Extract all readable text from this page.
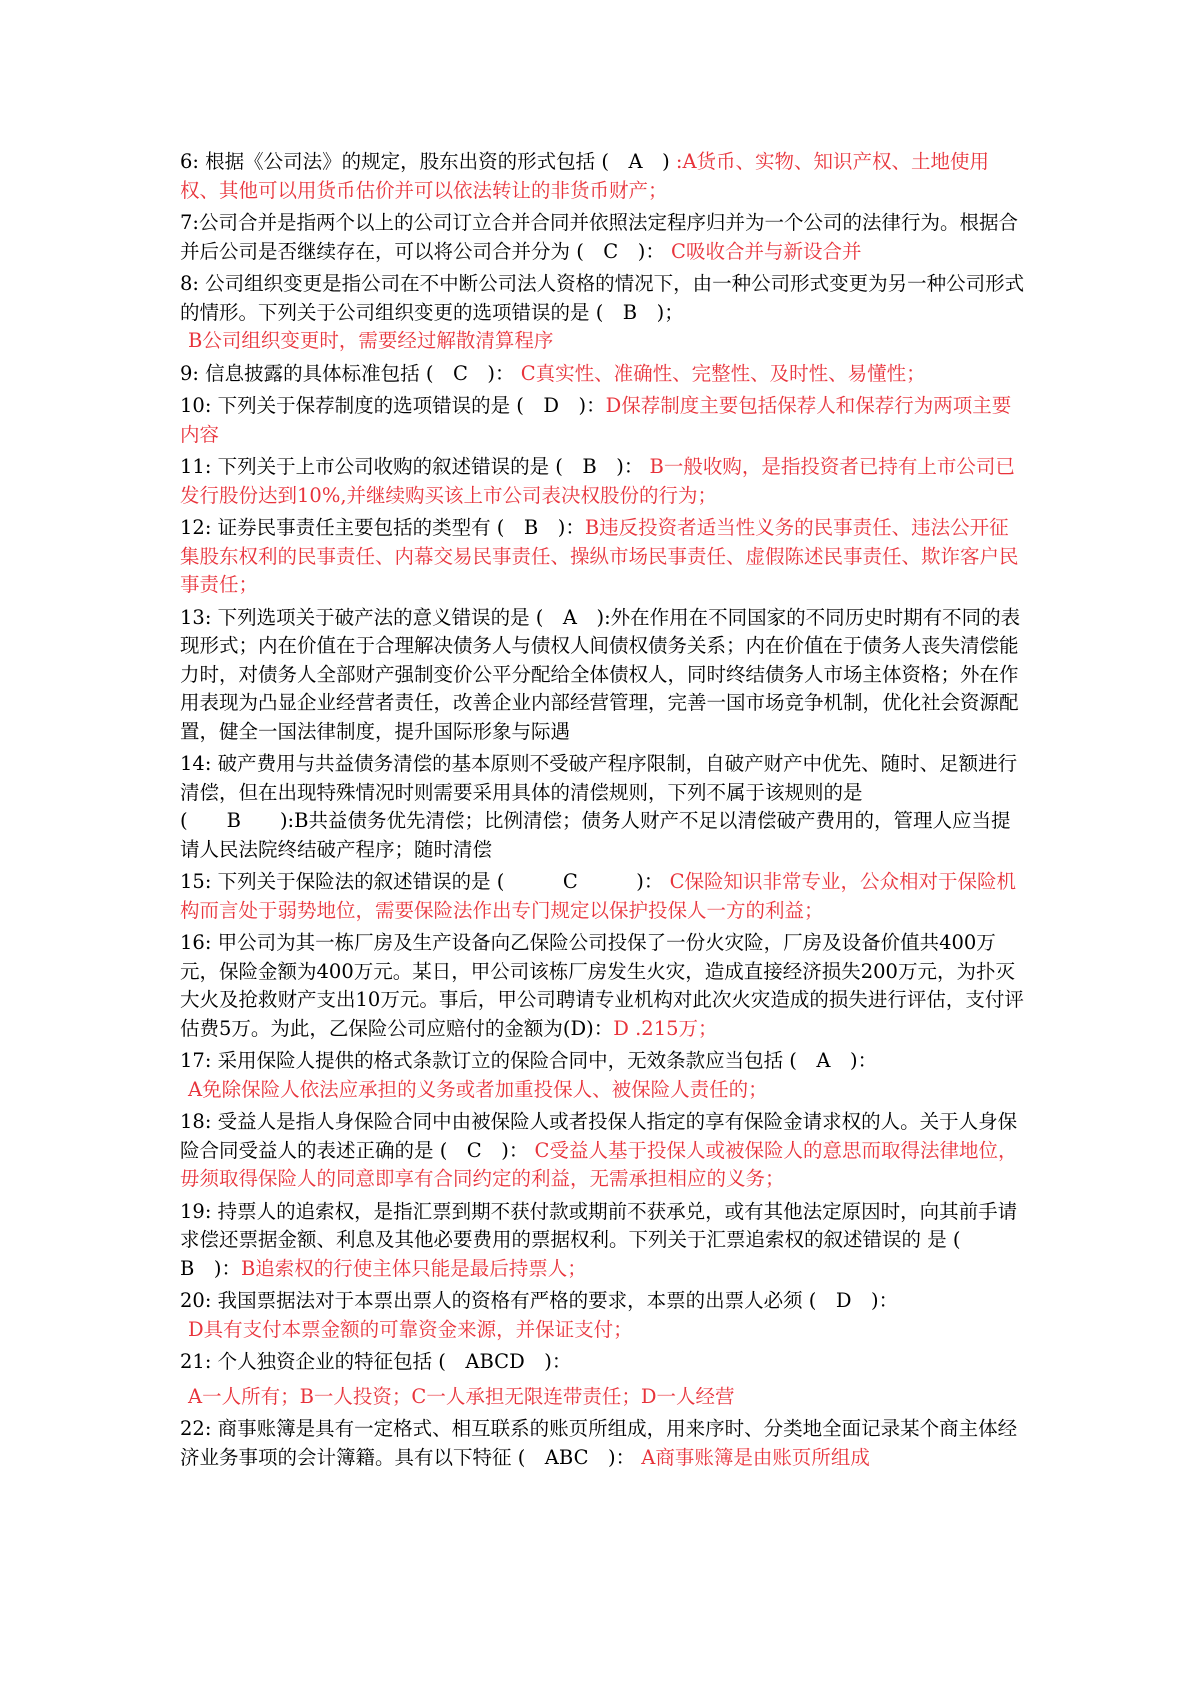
6: 根据《公司法》的规定，股东出资的形式包括 (　A　) :A货币、实物、知识产权、土地使用权、其他可以用货币估价并可以依法转让的非货币财产；
7:公司合并是指两个以上的公司订立合并合同并依照法定程序归并为一个公司的法律行为。根据合并后公司是否继续存在，可以将公司合并分为 (　C　)： C吸收合并与新设合并
8: 公司组织变更是指公司在不中断公司法人资格的情况下，由一种公司形式变更为另一种公司形式的情形。下列关于公司组织变更的选项错误的是 (　B　)；
B公司组织变更时，需要经过解散清算程序
9: 信息披露的具体标准包括 (　C　)： C真实性、准确性、完整性、及时性、易懂性；
10: 下列关于保荐制度的选项错误的是 (　D　)：D保荐制度主要包括保荐人和保荐行为两项主要内容
11: 下列关于上市公司收购的叙述错误的是 (　B　)： B一般收购，是指投资者已持有上市公司已发行股份达到10%,并继续购买该上市公司表决权股份的行为；
12: 证券民事责任主要包括的类型有 (　B　)：B违反投资者适当性义务的民事责任、违法公开征集股东权利的民事责任、内幕交易民事责任、操纵市场民事责任、虚假陈述民事责任、欺诈客户民事责任；
13: 下列选项关于破产法的意义错误的是 (　A　):外在作用在不同国家的不同历史时期有不同的表现形式；内在价值在于合理解决债务人与债权人间债权债务关系；内在价值在于债务人丧失清偿能力时，对债务人全部财产强制变价公平分配给全体债权人，同时终结债务人市场主体资格；外在作用表现为凸显企业经营者责任，改善企业内部经营管理，完善一国市场竞争机制，优化社会资源配置，健全一国法律制度，提升国际形象与际遇
14: 破产费用与共益债务清偿的基本原则不受破产程序限制，自破产财产中优先、随时、足额进行清偿，但在出现特殊情况时则需要采用具体的清偿规则，下列不属于该规则的是
(　　B　　):B共益债务优先清偿；比例清偿；债务人财产不足以清偿破产费用的，管理人应当提请人民法院终结破产程序；随时清偿
15: 下列关于保险法的叙述错误的是 (　　　C　　　)： C保险知识非常专业，公众相对于保险机构而言处于弱势地位，需要保险法作出专门规定以保护投保人一方的利益；
16: 甲公司为其一栋厂房及生产设备向乙保险公司投保了一份火灾险，厂房及设备价值共400万元，保险金额为400万元。某日，甲公司该栋厂房发生火灾，造成直接经济损失200万元，为扑灭大火及抢救财产支出10万元。事后，甲公司聘请专业机构对此次火灾造成的损失进行评估，支付评估费5万。为此，乙保险公司应赔付的金额为(D)：D .215万；
17: 采用保险人提供的格式条款订立的保险合同中，无效条款应当包括 (　A　)：
A免除保险人依法应承担的义务或者加重投保人、被保险人责任的；
18: 受益人是指人身保险合同中由被保险人或者投保人指定的享有保险金请求权的人。关于人身保险合同受益人的表述正确的是 (　C　)： C受益人基于投保人或被保险人的意思而取得法律地位，毋须取得保险人的同意即享有合同约定的利益，无需承担相应的义务；
19: 持票人的追索权，是指汇票到期不获付款或期前不获承兑，或有其他法定原因时，向其前手请求偿还票据金额、利息及其他必要费用的票据权利。下列关于汇票追索权的叙述错误的 是 (　B　)：B追索权的行使主体只能是最后持票人；
20: 我国票据法对于本票出票人的资格有严格的要求，本票的出票人必须 (　D　)：
D具有支付本票金额的可靠资金来源，并保证支付；
21: 个人独资企业的特征包括 (　ABCD　)：
A一人所有；B一人投资；C一人承担无限连带责任；D一人经营
22: 商事账簿是具有一定格式、相互联系的账页所组成，用来序时、分类地全面记录某个商主体经济业务事项的会计簿籍。具有以下特征 (　ABC　)： A商事账簿是由账页所组成
